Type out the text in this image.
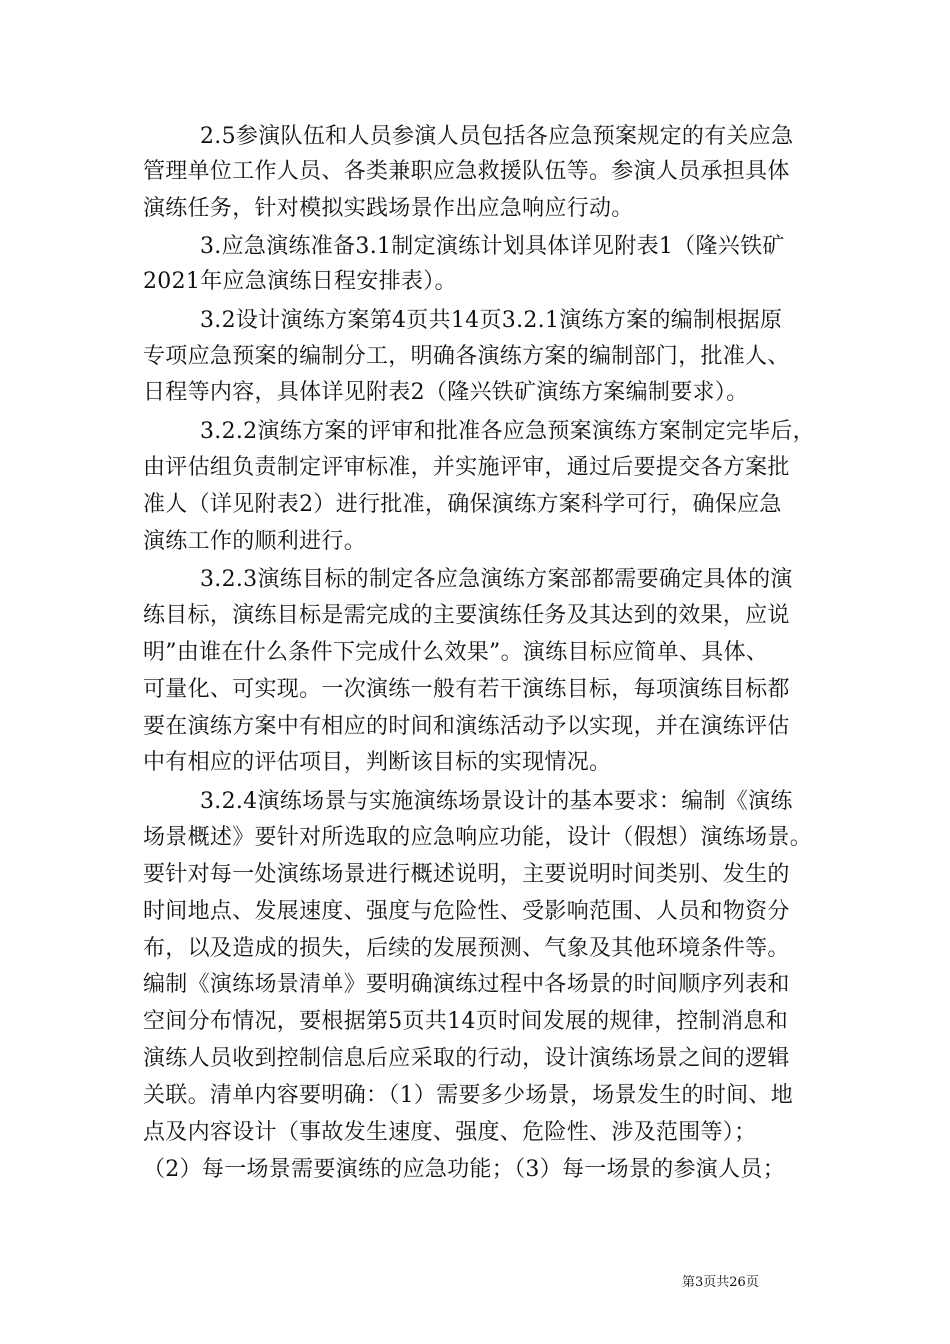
2.5参演队伍和人员参演人员包括各应急预案规定的有关应急
管理单位工作人员、各类兼职应急救援队伍等。参演人员承担具体
演练任务，针对模拟实践场景作出应急响应行动。
3.应急演练准备3.1制定演练计划具体详见附表1（隆兴铁矿
2021年应急演练日程安排表）。
3.2设计演练方案第4页共14页3.2.1演练方案的编制根据原
专项应急预案的编制分工，明确各演练方案的编制部门，批准人、
日程等内容，具体详见附表2（隆兴铁矿演练方案编制要求）。
3.2.2演练方案的评审和批准各应急预案演练方案制定完毕后，
由评估组负责制定评审标准，并实施评审，通过后要提交各方案批
准人（详见附表2）进行批准，确保演练方案科学可行，确保应急
演练工作的顺利进行。
3.2.3演练目标的制定各应急演练方案部都需要确定具体的演
练目标，演练目标是需完成的主要演练任务及其达到的效果，应说
明”由谁在什么条件下完成什么效果”。演练目标应简单、具体、
可量化、可实现。一次演练一般有若干演练目标，每项演练目标都
要在演练方案中有相应的时间和演练活动予以实现，并在演练评估
中有相应的评估项目，判断该目标的实现情况。
3.2.4演练场景与实施演练场景设计的基本要求：编制《演练
场景概述》要针对所选取的应急响应功能，设计（假想）演练场景。
要针对每一处演练场景进行概述说明，主要说明时间类别、发生的
时间地点、发展速度、强度与危险性、受影响范围、人员和物资分
布，以及造成的损失，后续的发展预测、气象及其他环境条件等。
编制《演练场景清单》要明确演练过程中各场景的时间顺序列表和
空间分布情况，要根据第5页共14页时间发展的规律，控制消息和
演练人员收到控制信息后应采取的行动，设计演练场景之间的逻辑
关联。清单内容要明确：（1）需要多少场景，场景发生的时间、地
点及内容设计（事故发生速度、强度、危险性、涉及范围等）；
（2）每一场景需要演练的应急功能；（3）每一场景的参演人员；
第3页共26页
